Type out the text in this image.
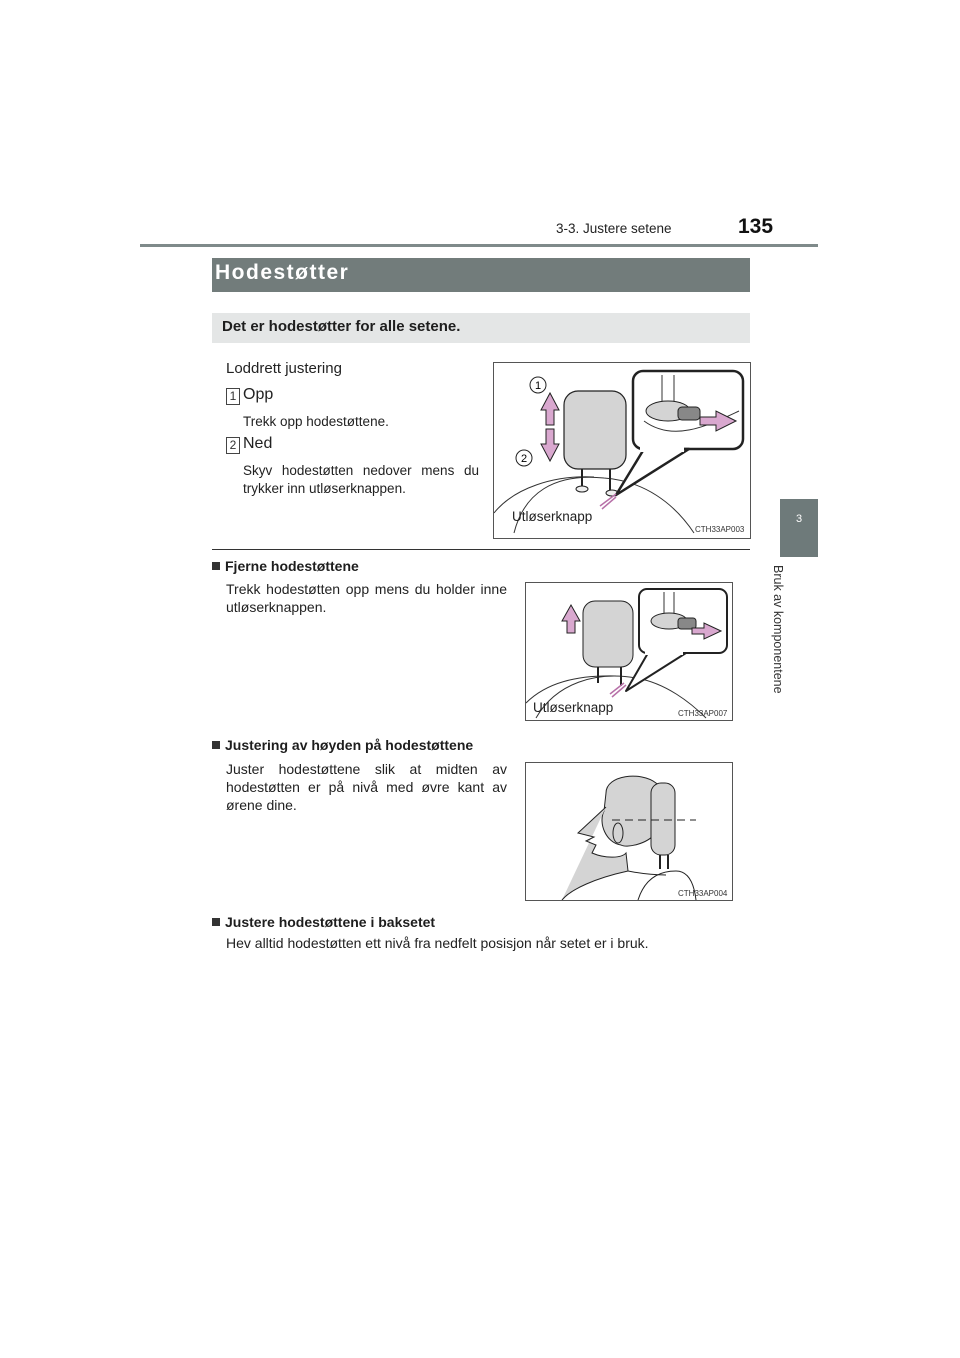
3-3. Justere setene	135
3
Bruk av komponentene
Hodestøtter
Det er hodestøtter for alle setene.
Loddrett justering
1 Opp
Trekk opp hodestøttene.
2 Ned
Skyv hodestøtten nedover mens du trykker inn utløserknappen.
1
2
Utløserknapp
CTH33AP003
Fjerne hodestøttene
Trekk hodestøtten opp mens du holder inne utløserknappen.
Utløserknapp	CTH33AP007
Justering av høyden på hodestøttene
Juster hodestøttene slik at midten av hodestøtten er på nivå med øvre kant av ørene dine.
CTH33AP004
Justere hodestøttene i baksetet
Hev alltid hodestøtten ett nivå fra nedfelt posisjon når setet er i bruk.
